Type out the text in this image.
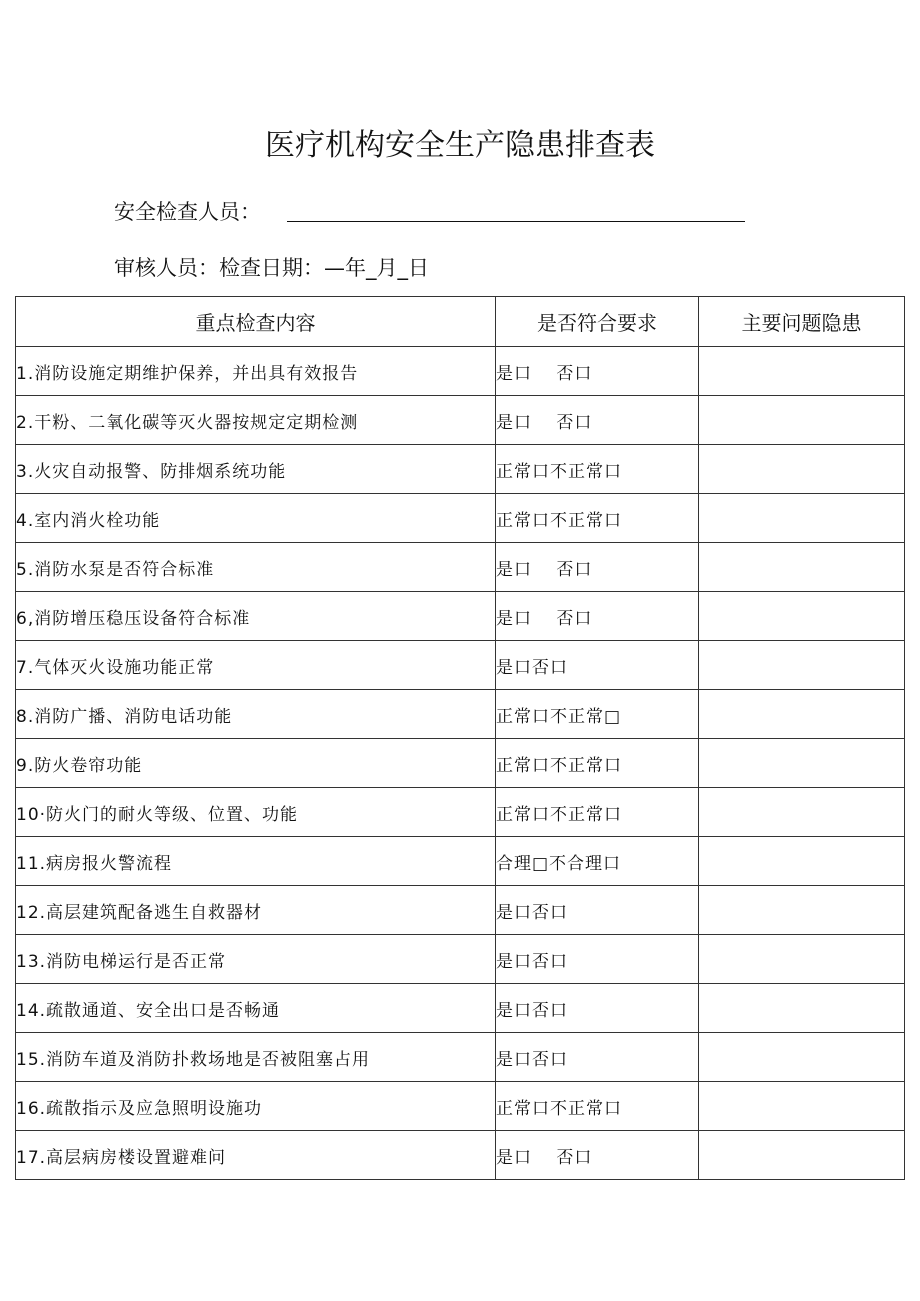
医疗机构安全生产隐患排查表
安全检查人员：
审核人员：检查日期：—年_月_日
重点检查内容	是否符合要求	主要问题隐患
1.消防设施定期维护保养，并出具有效报告	是口　 否口	
2.干粉、二氧化碳等灭火器按规定定期检测	是口　 否口	
3.火灾自动报警、防排烟系统功能	正常口不正常口	
4.室内消火栓功能	正常口不正常口	
5.消防水泵是否符合标准	是口　 否口	
6,消防增压稳压设备符合标准	是口　 否口	
7.气体灭火设施功能正常	是口否口	
8.消防广播、消防电话功能	正常口不正常□	
9.防火卷帘功能	正常口不正常口	
10·防火门的耐火等级、位置、功能	正常口不正常口	
11.病房报火警流程	合理□不合理口	
12.高层建筑配备逃生自救器材	是口否口	
13.消防电梯运行是否正常	是口否口	
14.疏散通道、安全出口是否畅通	是口否口	
15.消防车道及消防扑救场地是否被阻塞占用	是口否口	
16.疏散指示及应急照明设施功	正常口不正常口	
17.高层病房楼设置避难问	是口　 否口	
